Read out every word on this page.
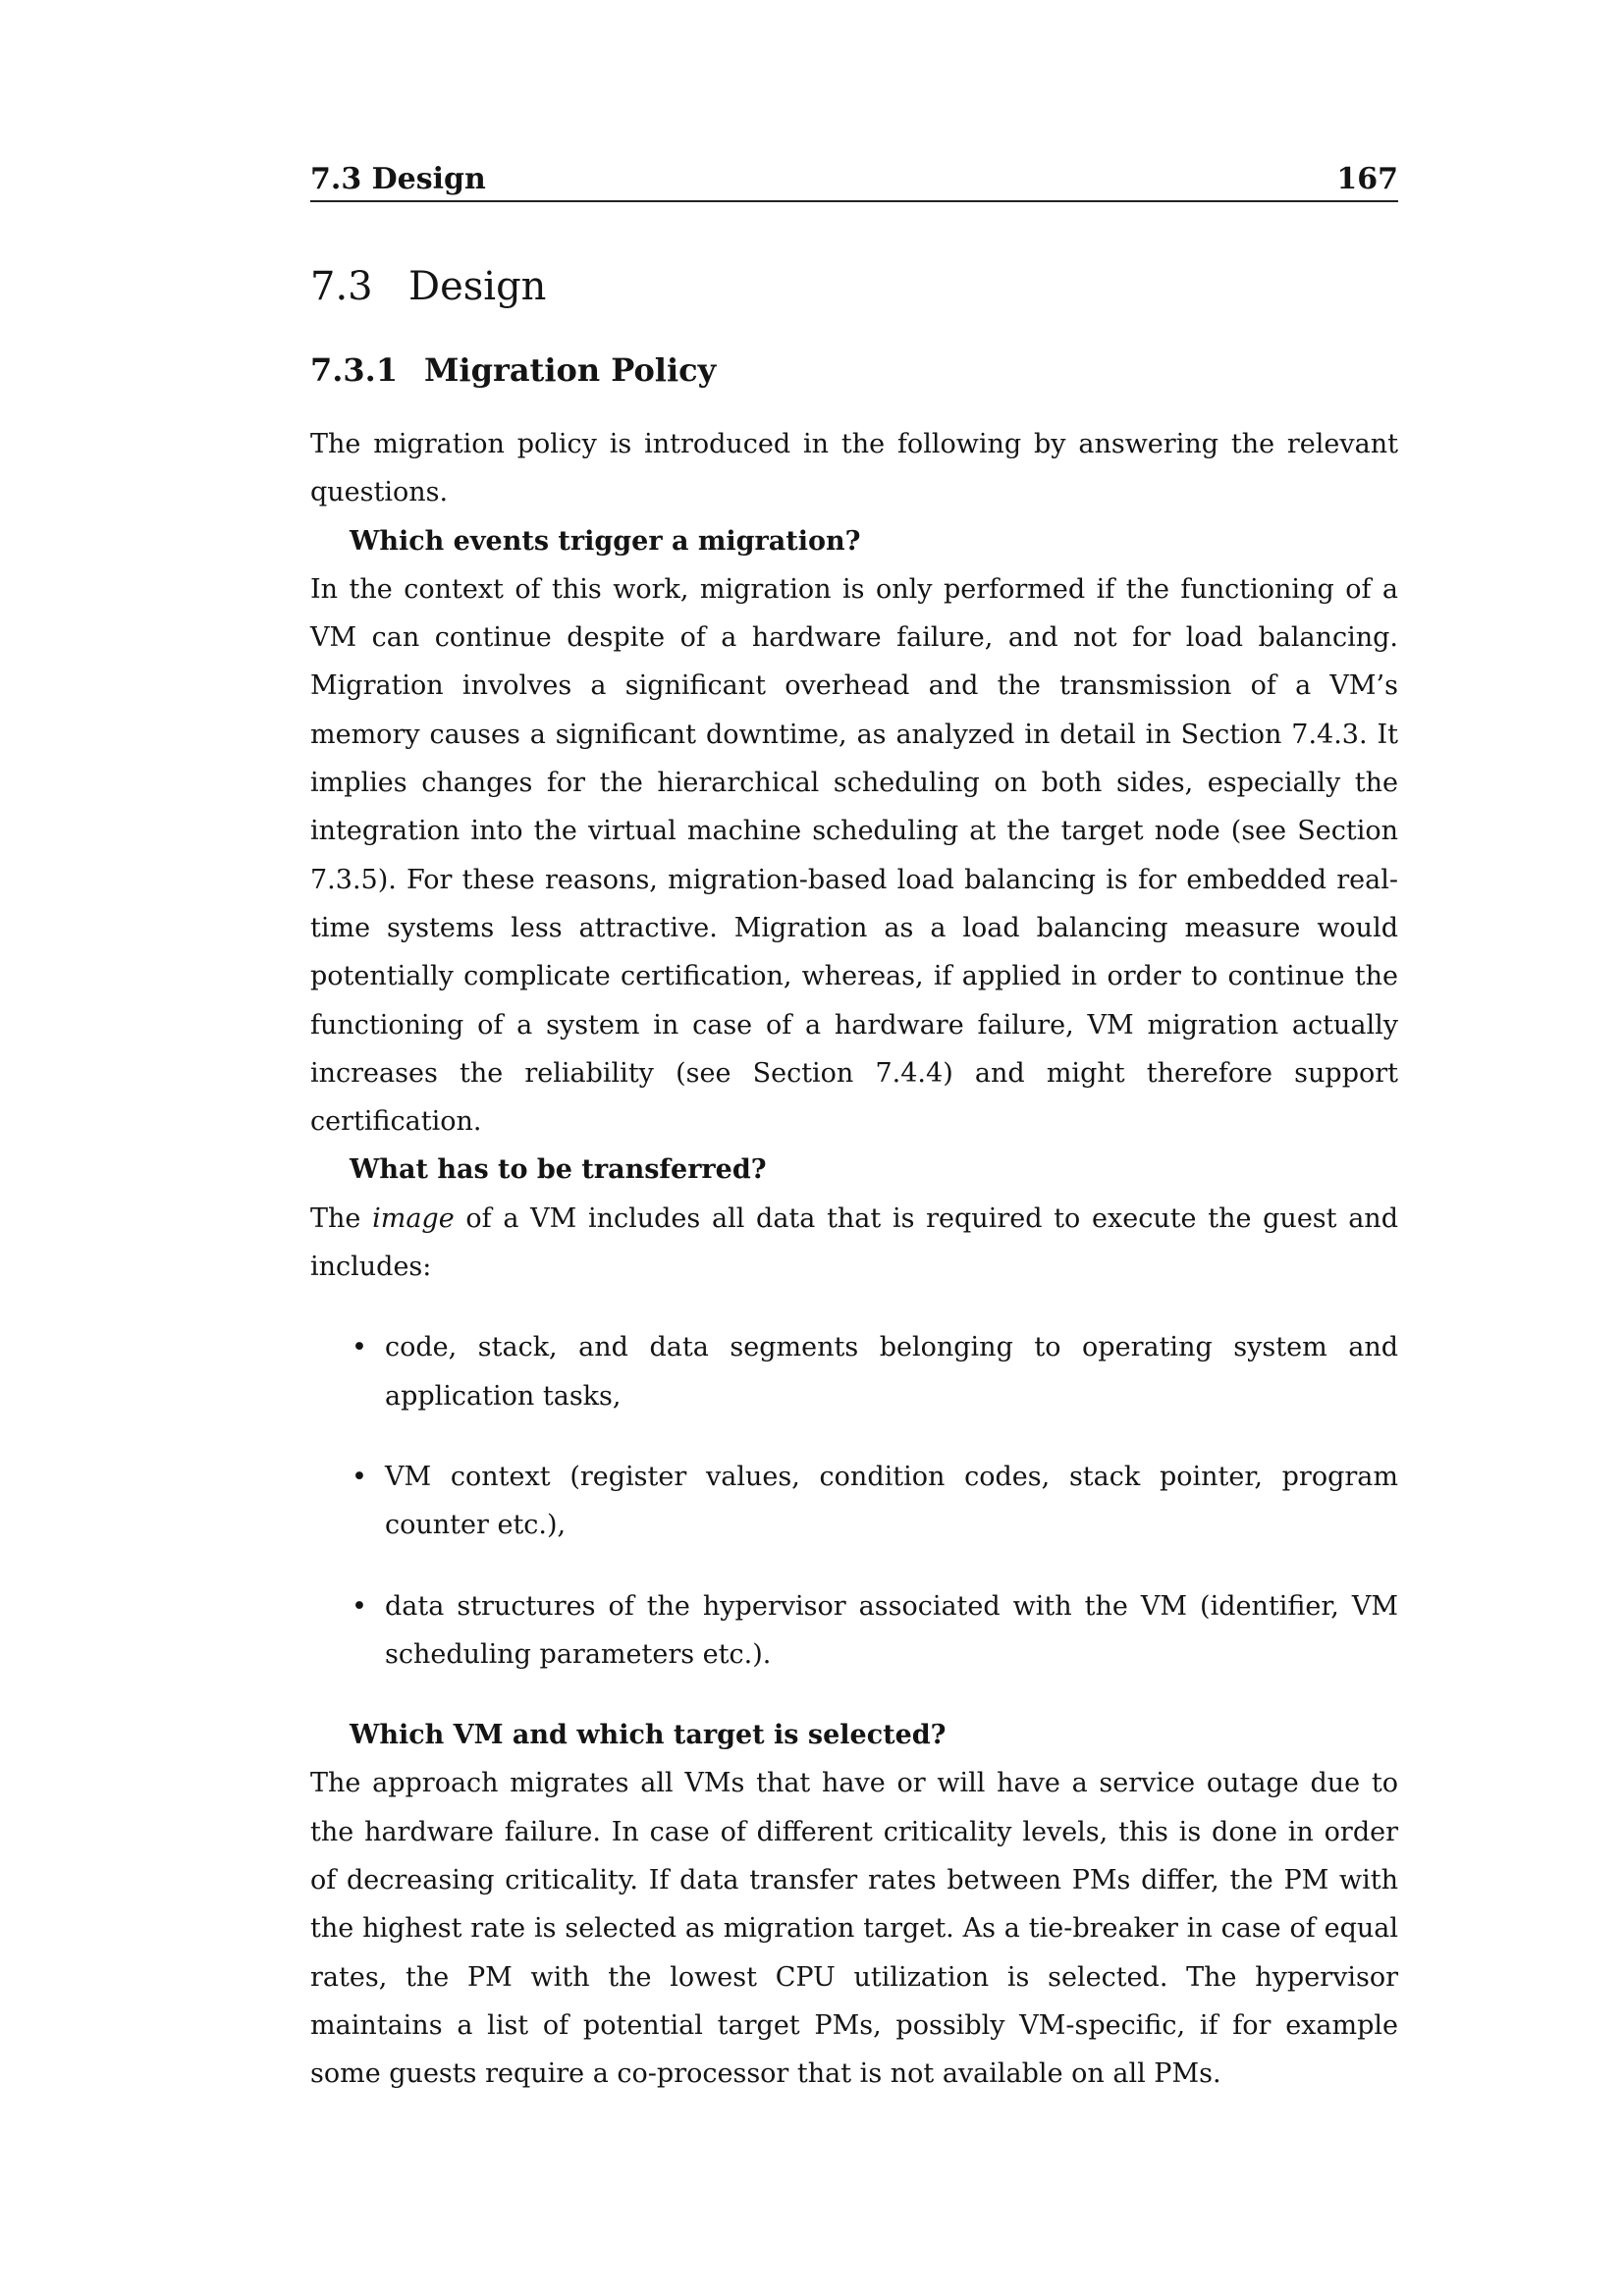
7.3 Design	167
7.3 Design
7.3.1 Migration Policy

The migration policy is introduced in the following by answering the relevant questions.

Which events trigger a migration?

In the context of this work, migration is only performed if the functioning of a VM can continue despite of a hardware failure, and not for load balancing. Migration involves a significant overhead and the transmission of a VM’s memory causes a significant downtime, as analyzed in detail in Section 7.4.3. It implies changes for the hierarchical scheduling on both sides, especially the integration into the virtual machine scheduling at the target node (see Section 7.3.5). For these reasons, migration-based load balancing is for embedded real-time systems less attractive. Migration as a load balancing measure would potentially complicate certification, whereas, if applied in order to continue the functioning of a system in case of a hardware failure, VM migration actually increases the reliability (see Section 7.4.4) and might therefore support certification.

What has to be transferred?

The image of a VM includes all data that is required to execute the guest and includes:

• code, stack, and data segments belonging to operating system and application tasks,
• VM context (register values, condition codes, stack pointer, program counter etc.),
• data structures of the hypervisor associated with the VM (identifier, VM scheduling parameters etc.).

Which VM and which target is selected?

The approach migrates all VMs that have or will have a service outage due to the hardware failure. In case of different criticality levels, this is done in order of decreasing criticality. If data transfer rates between PMs differ, the PM with the highest rate is selected as migration target. As a tie-breaker in case of equal rates, the PM with the lowest CPU utilization is selected. The hypervisor maintains a list of potential target PMs, possibly VM-specific, if for example some guests require a co-processor that is not available on all PMs.
